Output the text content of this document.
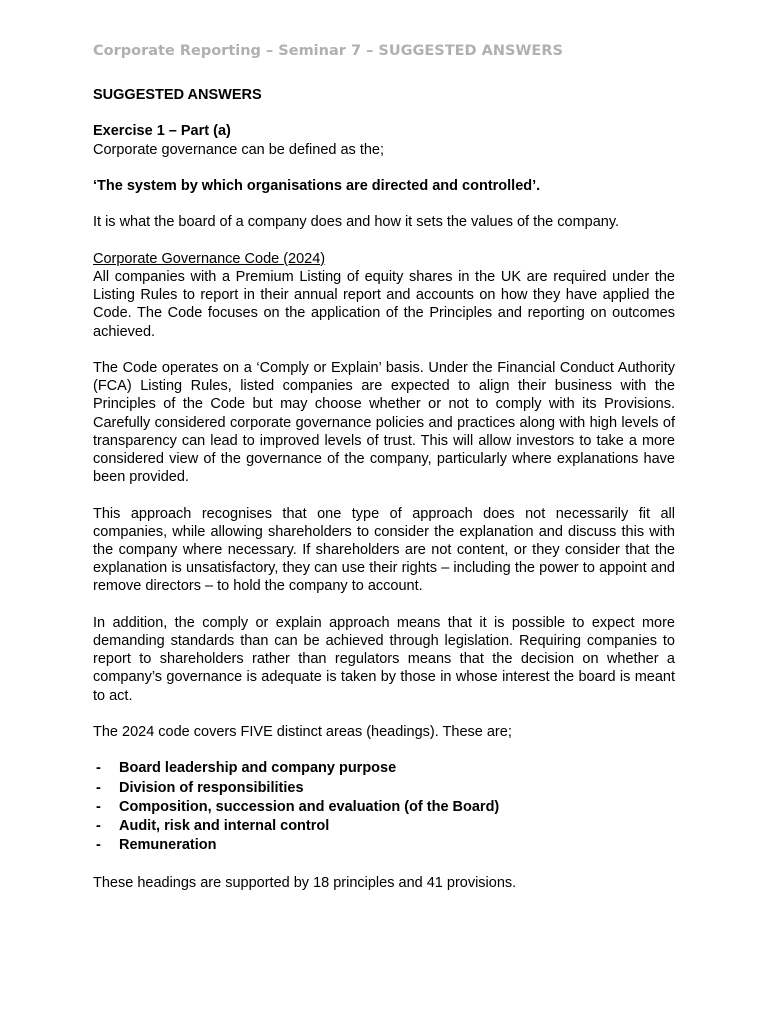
Corporate Reporting – Seminar 7 – SUGGESTED ANSWERS

SUGGESTED ANSWERS

Exercise 1 – Part (a)

Corporate governance can be defined as the;

‘The system by which organisations are directed and controlled’.

It is what the board of a company does and how it sets the values of the company.

Corporate Governance Code (2024)

All companies with a Premium Listing of equity shares in the UK are required under the Listing Rules to report in their annual report and accounts on how they have applied the Code. The Code focuses on the application of the Principles and reporting on outcomes achieved.

The Code operates on a ‘Comply or Explain’ basis. Under the Financial Conduct Authority (FCA) Listing Rules, listed companies are expected to align their business with the Principles of the Code but may choose whether or not to comply with its Provisions. Carefully considered corporate governance policies and practices along with high levels of transparency can lead to improved levels of trust. This will allow investors to take a more considered view of the governance of the company, particularly where explanations have been provided.

This approach recognises that one type of approach does not necessarily fit all companies, while allowing shareholders to consider the explanation and discuss this with the company where necessary. If shareholders are not content, or they consider that the explanation is unsatisfactory, they can use their rights – including the power to appoint and remove directors – to hold the company to account.

In addition, the comply or explain approach means that it is possible to expect more demanding standards than can be achieved through legislation. Requiring companies to report to shareholders rather than regulators means that the decision on whether a company’s governance is adequate is taken by those in whose interest the board is meant to act.

The 2024 code covers FIVE distinct areas (headings). These are;

- Board leadership and company purpose
- Division of responsibilities
- Composition, succession and evaluation (of the Board)
- Audit, risk and internal control
- Remuneration

These headings are supported by 18 principles and 41 provisions.
